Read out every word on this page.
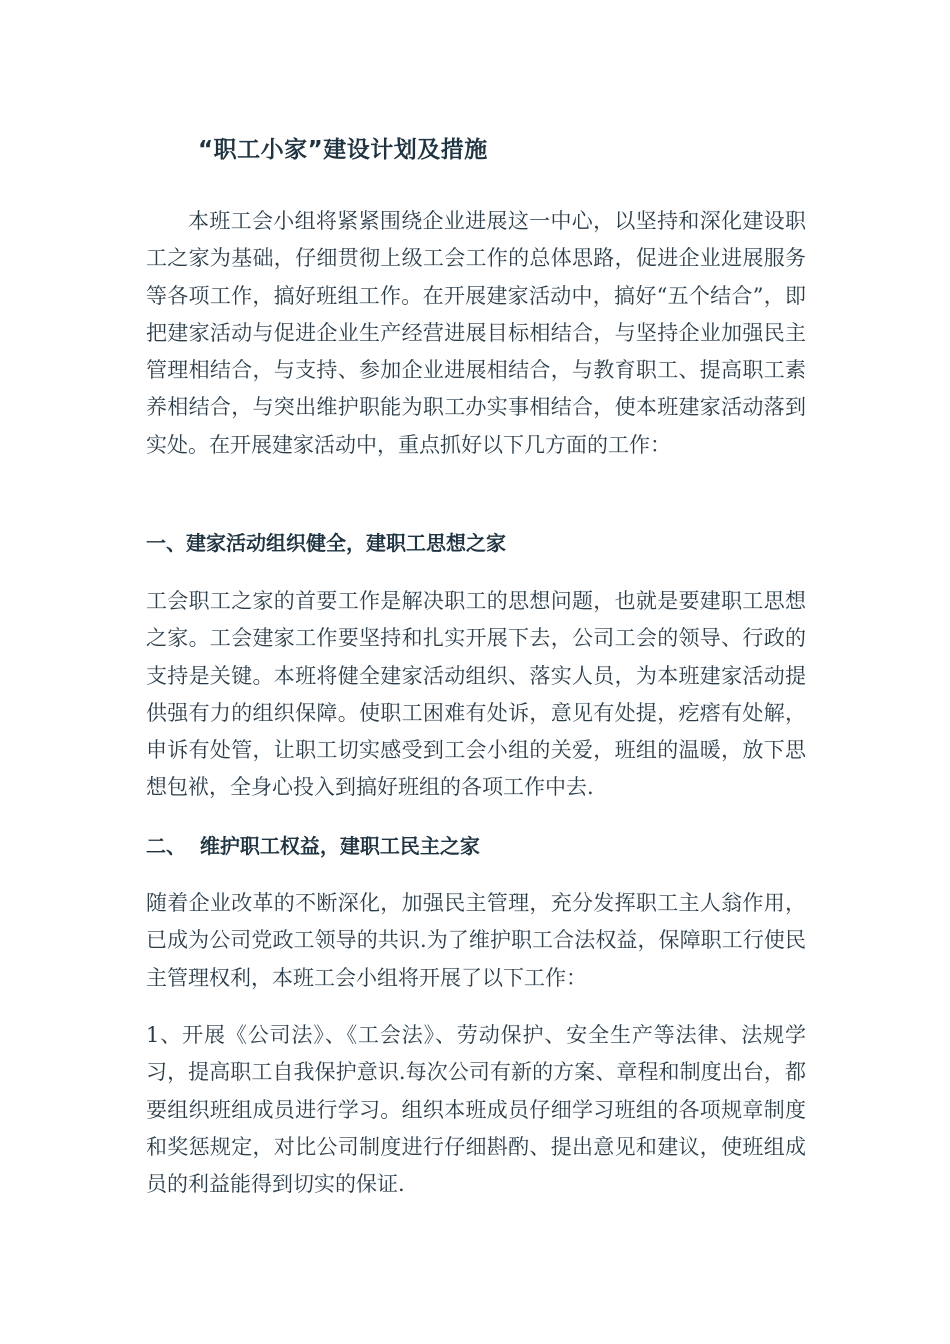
“职工小家”建设计划及措施
本班工会小组将紧紧围绕企业进展这一中心，以坚持和深化建设职工之家为基础，仔细贯彻上级工会工作的总体思路，促进企业进展服务等各项工作，搞好班组工作。在开展建家活动中，搞好“五个结合”，即把建家活动与促进企业生产经营进展目标相结合，与坚持企业加强民主管理相结合，与支持、参加企业进展相结合，与教育职工、提高职工素养相结合，与突出维护职能为职工办实事相结合，使本班建家活动落到实处。在开展建家活动中，重点抓好以下几方面的工作：
一、建家活动组织健全，建职工思想之家
工会职工之家的首要工作是解决职工的思想问题，也就是要建职工思想之家。工会建家工作要坚持和扎实开展下去，公司工会的领导、行政的支持是关键。本班将健全建家活动组织、落实人员，为本班建家活动提供强有力的组织保障。使职工困难有处诉，意见有处提，疙瘩有处解，申诉有处管，让职工切实感受到工会小组的关爱，班组的温暖，放下思想包袱，全身心投入到搞好班组的各项工作中去.
二、  维护职工权益，建职工民主之家
随着企业改革的不断深化，加强民主管理，充分发挥职工主人翁作用，已成为公司党政工领导的共识.为了维护职工合法权益，保障职工行使民主管理权利，本班工会小组将开展了以下工作：
1、开展《公司法》、《工会法》、劳动保护、安全生产等法律、法规学习，提高职工自我保护意识.每次公司有新的方案、章程和制度出台，都要组织班组成员进行学习。组织本班成员仔细学习班组的各项规章制度和奖惩规定，对比公司制度进行仔细斟酌、提出意见和建议，使班组成员的利益能得到切实的保证.
